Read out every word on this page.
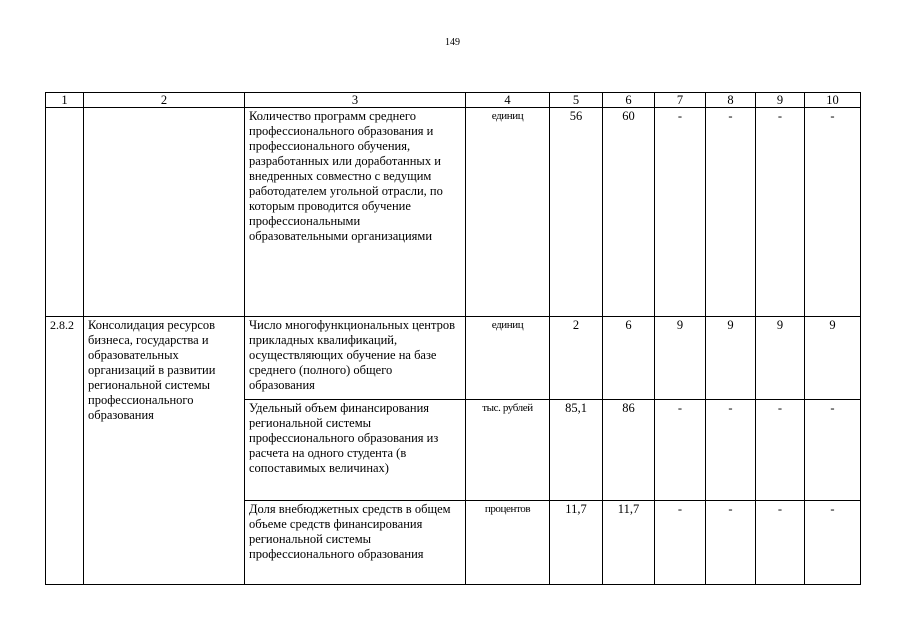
149
1	2	3	4	5	6	7	8	9	10
		Количество программ среднего профессионального образования и профессионального обучения, разработанных или доработанных и внедренных совместно с ведущим работодателем угольной отрасли, по которым проводится обучение профессиональными образовательными организациями	единиц	56	60	-	-	-	-
2.8.2	Консолидация ресурсов бизнеса, государства и образовательных организаций в развитии региональной системы профессионального образования	Число многофункциональных центров прикладных квалификаций, осуществляющих обучение на базе среднего (полного) общего образования	единиц	2	6	9	9	9	9
		Удельный объем финансирования региональной системы профессионального образования из расчета на одного студента (в сопоставимых величинах)	тыс. рублей	85,1	86	-	-	-	-
		Доля внебюджетных средств в общем объеме средств финансирования региональной системы профессионального образования	процентов	11,7	11,7	-	-	-	-
